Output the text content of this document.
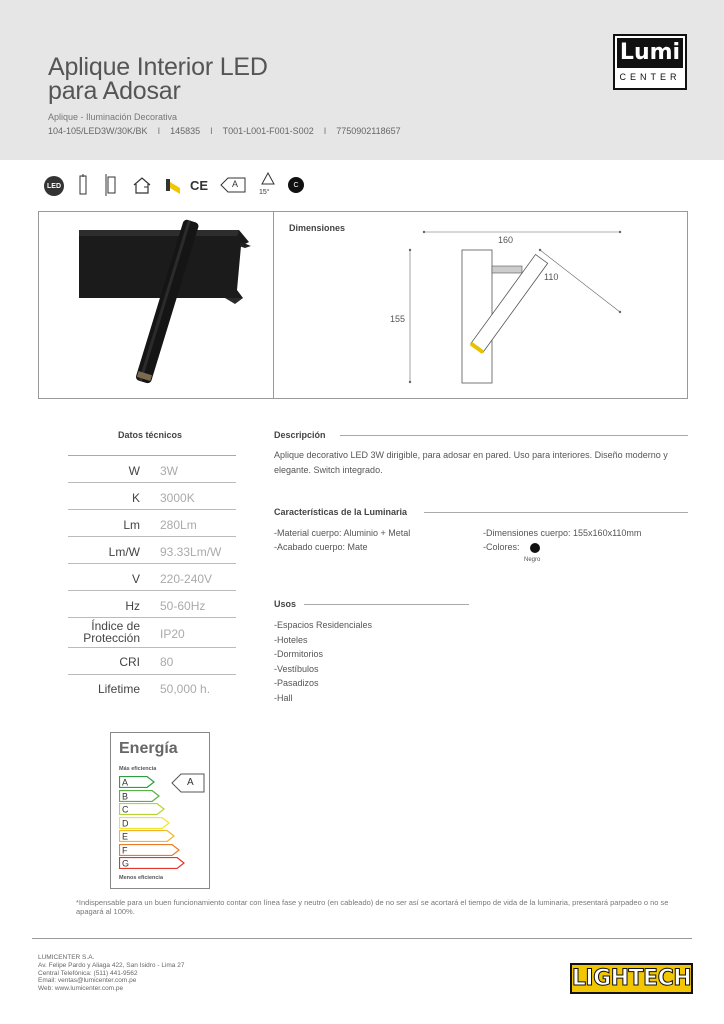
Aplique Interior LED
para Adosar
Aplique - Iluminación Decorativa
104-105/LED3W/30K/BK I 145835 I T001-L001-F001-S002 I 7750902118657
Lumi
CENTER
LED	CE	A
15°
C
Dimensiones
160
110
155
Datos técnicos
W 3W
K 3000K
Lm 280Lm
Lm/W 93.33Lm/W
V 220-240V
Hz 50-60Hz
Índice de
Protección IP20
CRI 80
Lifetime 50,000 h.
Descripción
Aplique decorativo LED 3W dirigible, para adosar en pared. Uso para interiores. Diseño moderno y
elegante. Switch integrado.
Características de la Luminaria
-Material cuerpo: Aluminio + Metal
-Acabado cuerpo: Mate
-Dimensiones cuerpo: 155x160x110mm
-Colores:
Negro
Usos
-Espacios Residenciales
-Hoteles
-Dormitorios
-Vestíbulos
-Pasadizos
-Hall
Energía
Más eficiencia
A
B
C
D
E
F
G
A
Menos eficiencia
*Indispensable para un buen funcionamiento contar con línea fase y neutro (en cableado) de no ser así se acortará el tiempo de vida de la luminaria, presentará parpadeo o no se apagará al 100%.
LUMICENTER S.A.
Av. Felipe Pardo y Aliaga 422, San Isidro - Lima 27
Central Telefónica: (511) 441-9562
Email: ventas@lumicenter.com.pe
Web: www.lumicenter.com.pe	LIGHTECH
